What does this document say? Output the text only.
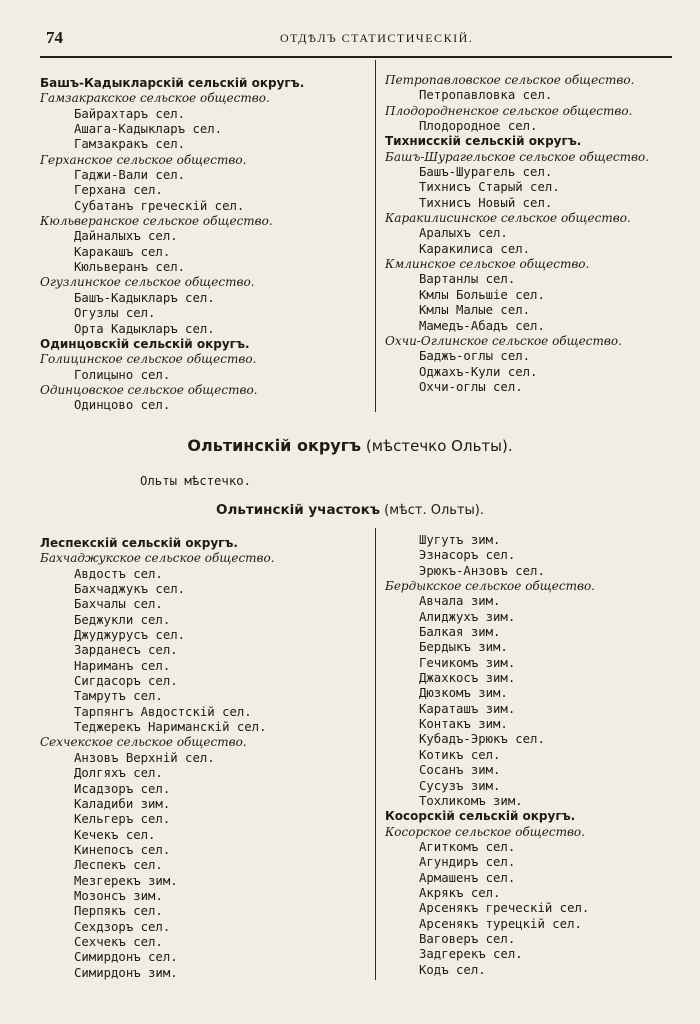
74	ОТДѢЛЪ СТАТИСТИЧЕСКІЙ.
Башъ-Кадыкларскій сельскій округъ.
Гамзакракское сельское общество.
Байрахтаръ сел.
Ашага-Кадыкларъ сел.
Гамзакракъ сел.
Герханское сельское общество.
Гаджи-Вали сел.
Герхана сел.
Субатанъ греческій сел.
Кюльверанское сельское общество.
Дайналыхъ сел.
Каракашъ сел.
Кюльверанъ сел.
Огузлинское сельское общество.
Башъ-Кадыкларъ сел.
Огузлы сел.
Орта Кадыкларъ сел.
Одинцовскій сельскій округъ.
Голицинское сельское общество.
Голицыно сел.
Одинцовское сельское общество.
Одинцово сел.
Петропавловское сельское общество.
Петропавловка сел.
Плодородненское сельское общество.
Плодородное сел.
Тихнисскій сельскій округъ.
Башъ-Шурагельское сельское общество.
Башъ-Шурагель сел.
Тихнисъ Старый сел.
Тихнисъ Новый сел.
Каракилисинское сельское общество.
Аралыхъ сел.
Каракилиса сел.
Кмлинское сельское общество.
Вартанлы сел.
Кмлы Большіе сел.
Кмлы Малые сел.
Мамедъ-Абадъ сел.
Охчи-Оглинское сельское общество.
Баджъ-оглы сел.
Оджахъ-Кули сел.
Охчи-оглы сел.
Ольтинскій округъ (мѣстечко Ольты).
Ольты мѣстечко.
Ольтинскій участокъ (мѣст. Ольты).
Леспекскій сельскій округъ.
Бахчаджукское сельское общество.
Авдостъ сел.
Бахчаджукъ сел.
Бахчалы сел.
Беджукли сел.
Джуджурусъ сел.
Зарданесъ сел.
Нариманъ сел.
Сигдасоръ сел.
Тамрутъ сел.
Тарпянгъ Авдостскій сел.
Теджерекъ Нариманскій сел.
Сехчекское сельское общество.
Анзовъ Верхній сел.
Долгяхъ сел.
Исадзоръ сел.
Каладиби зим.
Кельгеръ сел.
Кечекъ сел.
Кинепосъ сел.
Леспекъ сел.
Мезгерекъ зим.
Мозонсъ зим.
Перпякъ сел.
Сехдзоръ сел.
Сехчекъ сел.
Симирдонъ сел.
Симирдонъ зим.
Шугутъ зим.
Эзнасоръ сел.
Эрюкъ-Анзовъ сел.
Бердыкское сельское общество.
Авчала зим.
Алиджухъ зим.
Балкая зим.
Бердыкъ зим.
Гечикомъ зим.
Джахкосъ зим.
Дюзкомъ зим.
Караташъ зим.
Контакъ зим.
Кубадъ-Эрюкъ сел.
Котикъ сел.
Сосанъ зим.
Сусузъ зим.
Тохликомъ зим.
Косорскій сельскій округъ.
Косорское сельское общество.
Агиткомъ сел.
Агундиръ сел.
Армашенъ сел.
Акрякъ сел.
Арсенякъ греческій сел.
Арсенякъ турецкій сел.
Ваговеръ сел.
Задгерекъ сел.
Кодъ сел.
